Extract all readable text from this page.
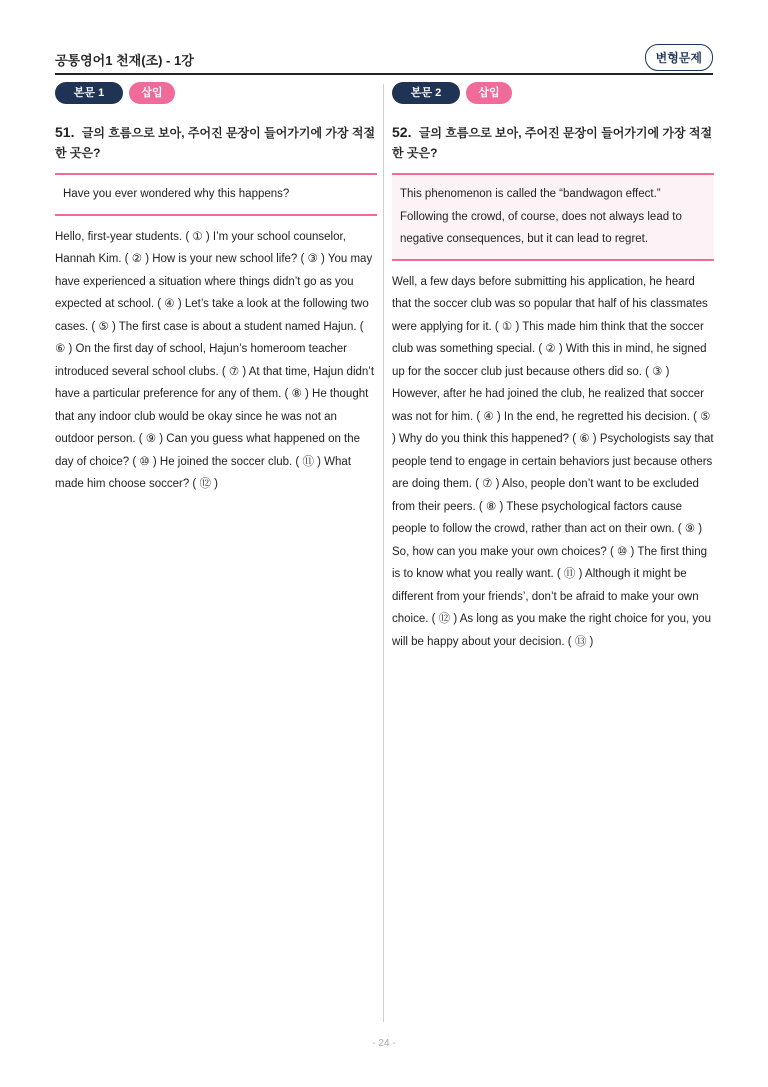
공통영어1 천재(조) - 1강	변형문제
본문 1	삽입
51. 글의 흐름으로 보아, 주어진 문장이 들어가기에 가장 적절한 곳은?
Have you ever wondered why this happens?
Hello, first-year students. ( ① ) I’m your school counselor, Hannah Kim. ( ② ) How is your new school life? ( ③ ) You may have experienced a situation where things didn’t go as you expected at school. ( ④ ) Let’s take a look at the following two cases. ( ⑤ ) The first case is about a student named Hajun. ( ⑥ ) On the first day of school, Hajun’s homeroom teacher introduced several school clubs. ( ⑦ ) At that time, Hajun didn’t have a particular preference for any of them. ( ⑧ ) He thought that any indoor club would be okay since he was not an outdoor person. ( ⑨ ) Can you guess what happened on the day of choice? ( ⑩ ) He joined the soccer club. ( ⑪ ) What made him choose soccer? ( ⑫ )
본문 2	삽입
52. 글의 흐름으로 보아, 주어진 문장이 들어가기에 가장 적절한 곳은?
This phenomenon is called the “bandwagon effect.” Following the crowd, of course, does not always lead to negative consequences, but it can lead to regret.
Well, a few days before submitting his application, he heard that the soccer club was so popular that half of his classmates were applying for it. ( ① ) This made him think that the soccer club was something special. ( ② ) With this in mind, he signed up for the soccer club just because others did so. ( ③ ) However, after he had joined the club, he realized that soccer was not for him. ( ④ ) In the end, he regretted his decision. ( ⑤ ) Why do you think this happened? ( ⑥ ) Psychologists say that people tend to engage in certain behaviors just because others are doing them. ( ⑦ ) Also, people don’t want to be excluded from their peers. ( ⑧ ) These psychological factors cause people to follow the crowd, rather than act on their own. ( ⑨ ) So, how can you make your own choices? ( ⑩ ) The first thing is to know what you really want. ( ⑪ ) Although it might be different from your friends’, don’t be afraid to make your own choice. ( ⑫ ) As long as you make the right choice for you, you will be happy about your decision. ( ⑬ )
- 24 -
